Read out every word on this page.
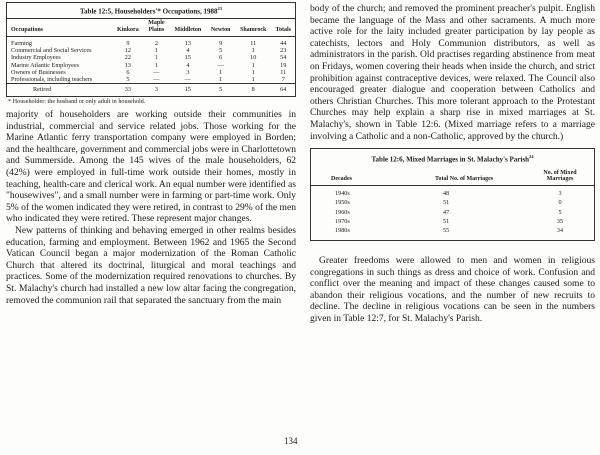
Table 12:5, Householders'* Occupations, 1988$^{23}$
Occupations	Kinkora	Maple Plains	Middleton	Newton	Shamrock	Totals
Farming	9	2	13	9	11	44
Commercial and Social Services	12	1	4	5	1	23
Industry Employees	22	1	15	6	10	54
Marine Atlantic Employees	13	1	4	—	1	19
Owners of Businesses	6	—	3	1	1	11
Professionals, including teachers	5	—	—	1	1	7
Retired	33	3	15	5	8	64
* Householder: the husband or only adult in household.

majority of householders are working outside their communities in industrial, commercial and service related jobs. Those working for the Marine Atlantic ferry transportation company were employed in Borden; and the healthcare, government and commercial jobs were in Charlottetown and Summerside. Among the 145 wives of the male householders, 62 (42%) were employed in full-time work outside their homes, mostly in teaching, health-care and clerical work. An equal number were identified as "housewives", and a small number were in farming or part-time work. Only 5% of the women indicated they were retired, in contrast to 29% of the men who indicated they were retired. These represent major changes.

New patterns of thinking and behaving emerged in other realms besides education, farming and employment. Between 1962 and 1965 the Second Vatican Council began a major modernization of the Roman Catholic Church that altered its doctrinal, liturgical and moral teachings and practices. Some of the modernization required renovations to churches. By St. Malachy's church had installed a new low altar facing the congregation, removed the communion rail that separated the sanctuary from the main

body of the church; and removed the prominent preacher's pulpit. English became the language of the Mass and other sacraments. A much more active role for the laity included greater participation by lay people as catechists, lectors and Holy Communion distributors, as well as administrators in the parish. Old practises regarding abstinence from meat on Fridays, women covering their heads when inside the church, and strict prohibition against contraceptive devices, were relaxed. The Council also encouraged greater dialogue and cooperation between Catholics and others Christian Churches. This more tolerant approach to the Protestant Churches may help explain a sharp rise in mixed marriages at St. Malachy's, shown in Table 12:6. (Mixed marriage refers to a marriage involving a Catholic and a non-Catholic, approved by the church.)

Table 12:6, Mixed Marriages in St. Malachy's Parish$^{24}$
Decades	Total No. of Marriages	No. of Mixed Marriages
1940s	48	3
1950s	51	0
1960s	47	5
1970s	51	35
1980s	55	34

Greater freedoms were allowed to men and women in religious congregations in such things as dress and choice of work. Confusion and conflict over the meaning and impact of these changes caused some to abandon their religious vocations, and the number of new recruits to decline. The decline in religious vocations can be seen in the numbers given in Table 12:7, for St. Malachy's Parish.

134
